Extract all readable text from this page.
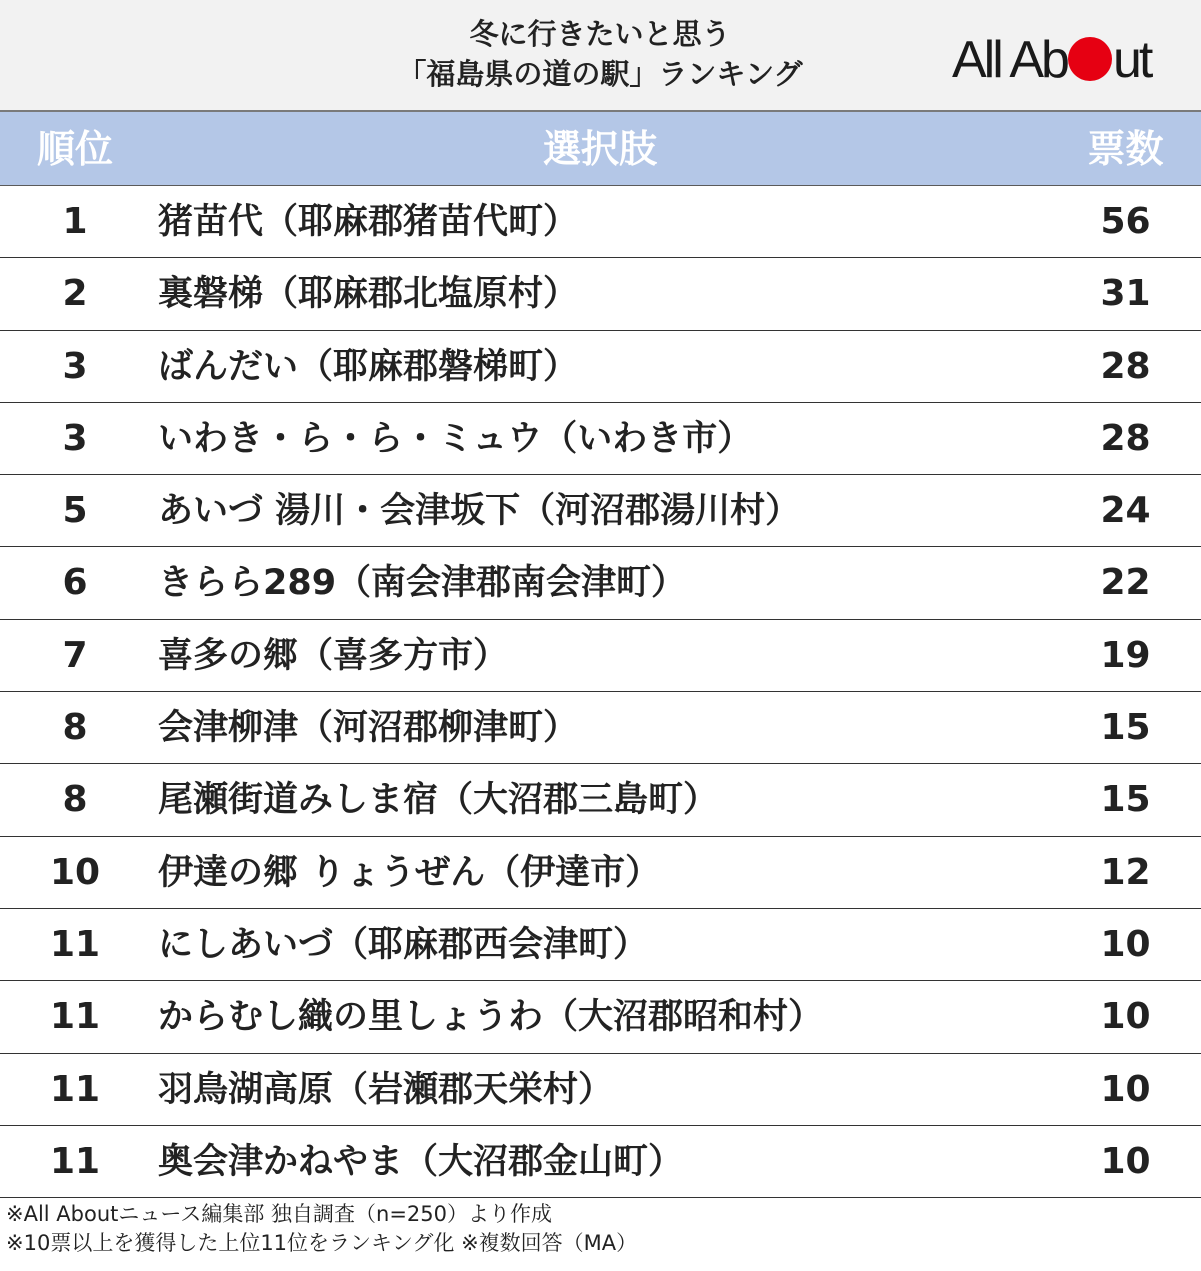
冬に行きたいと思う
「福島県の道の駅」ランキング	All Ab ut
順位	選択肢	票数
1	猪苗代（耶麻郡猪苗代町）	56
2	裏磐梯（耶麻郡北塩原村）	31
3	ばんだい（耶麻郡磐梯町）	28
3	いわき・ら・ら・ミュウ（いわき市）	28
5	あいづ 湯川・会津坂下（河沼郡湯川村）	24
6	きらら289（南会津郡南会津町）	22
7	喜多の郷（喜多方市）	19
8	会津柳津（河沼郡柳津町）	15
8	尾瀬街道みしま宿（大沼郡三島町）	15
10	伊達の郷 りょうぜん（伊達市）	12
11	にしあいづ（耶麻郡西会津町）	10
11	からむし織の里しょうわ（大沼郡昭和村）	10
11	羽鳥湖高原（岩瀬郡天栄村）	10
11	奥会津かねやま（大沼郡金山町）	10
※All Aboutニュース編集部 独自調査（n=250）より作成
※10票以上を獲得した上位11位をランキング化 ※複数回答（MA）
